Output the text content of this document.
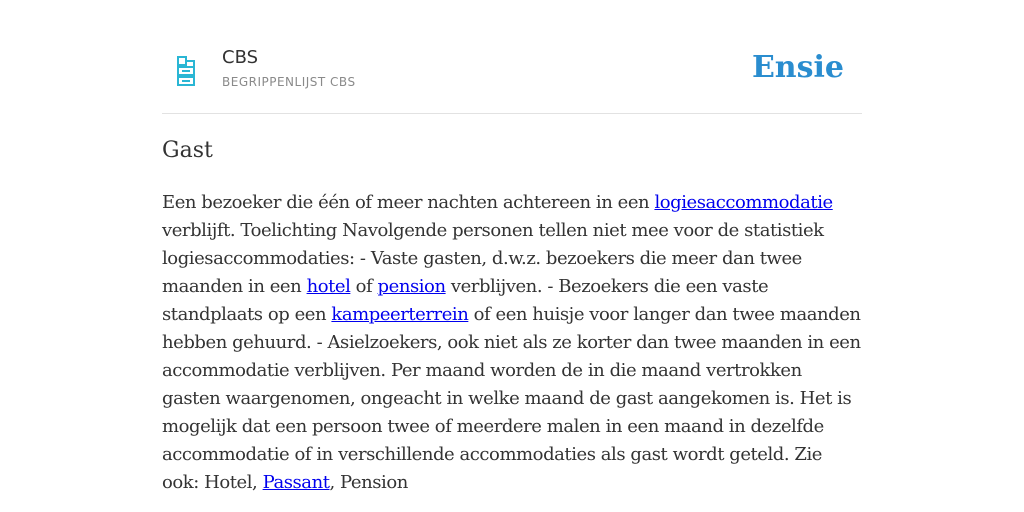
CBS
BEGRIPPENLIJST CBS	Ensie
Gast

Een bezoeker die één of meer nachten achtereen in een logiesaccommodatie verblijft. Toelichting Navolgende personen tellen niet mee voor de statistiek logiesaccommodaties: - Vaste gasten, d.w.z. bezoekers die meer dan twee maanden in een hotel of pension verblijven. - Bezoekers die een vaste standplaats op een kampeerterrein of een huisje voor langer dan twee maanden hebben gehuurd. - Asielzoekers, ook niet als ze korter dan twee maanden in een accommodatie verblijven. Per maand worden de in die maand vertrokken gasten waargenomen, ongeacht in welke maand de gast aangekomen is. Het is mogelijk dat een persoon twee of meerdere malen in een maand in dezelfde accommodatie of in verschillende accommodaties als gast wordt geteld. Zie ook: Hotel, Passant, Pension
